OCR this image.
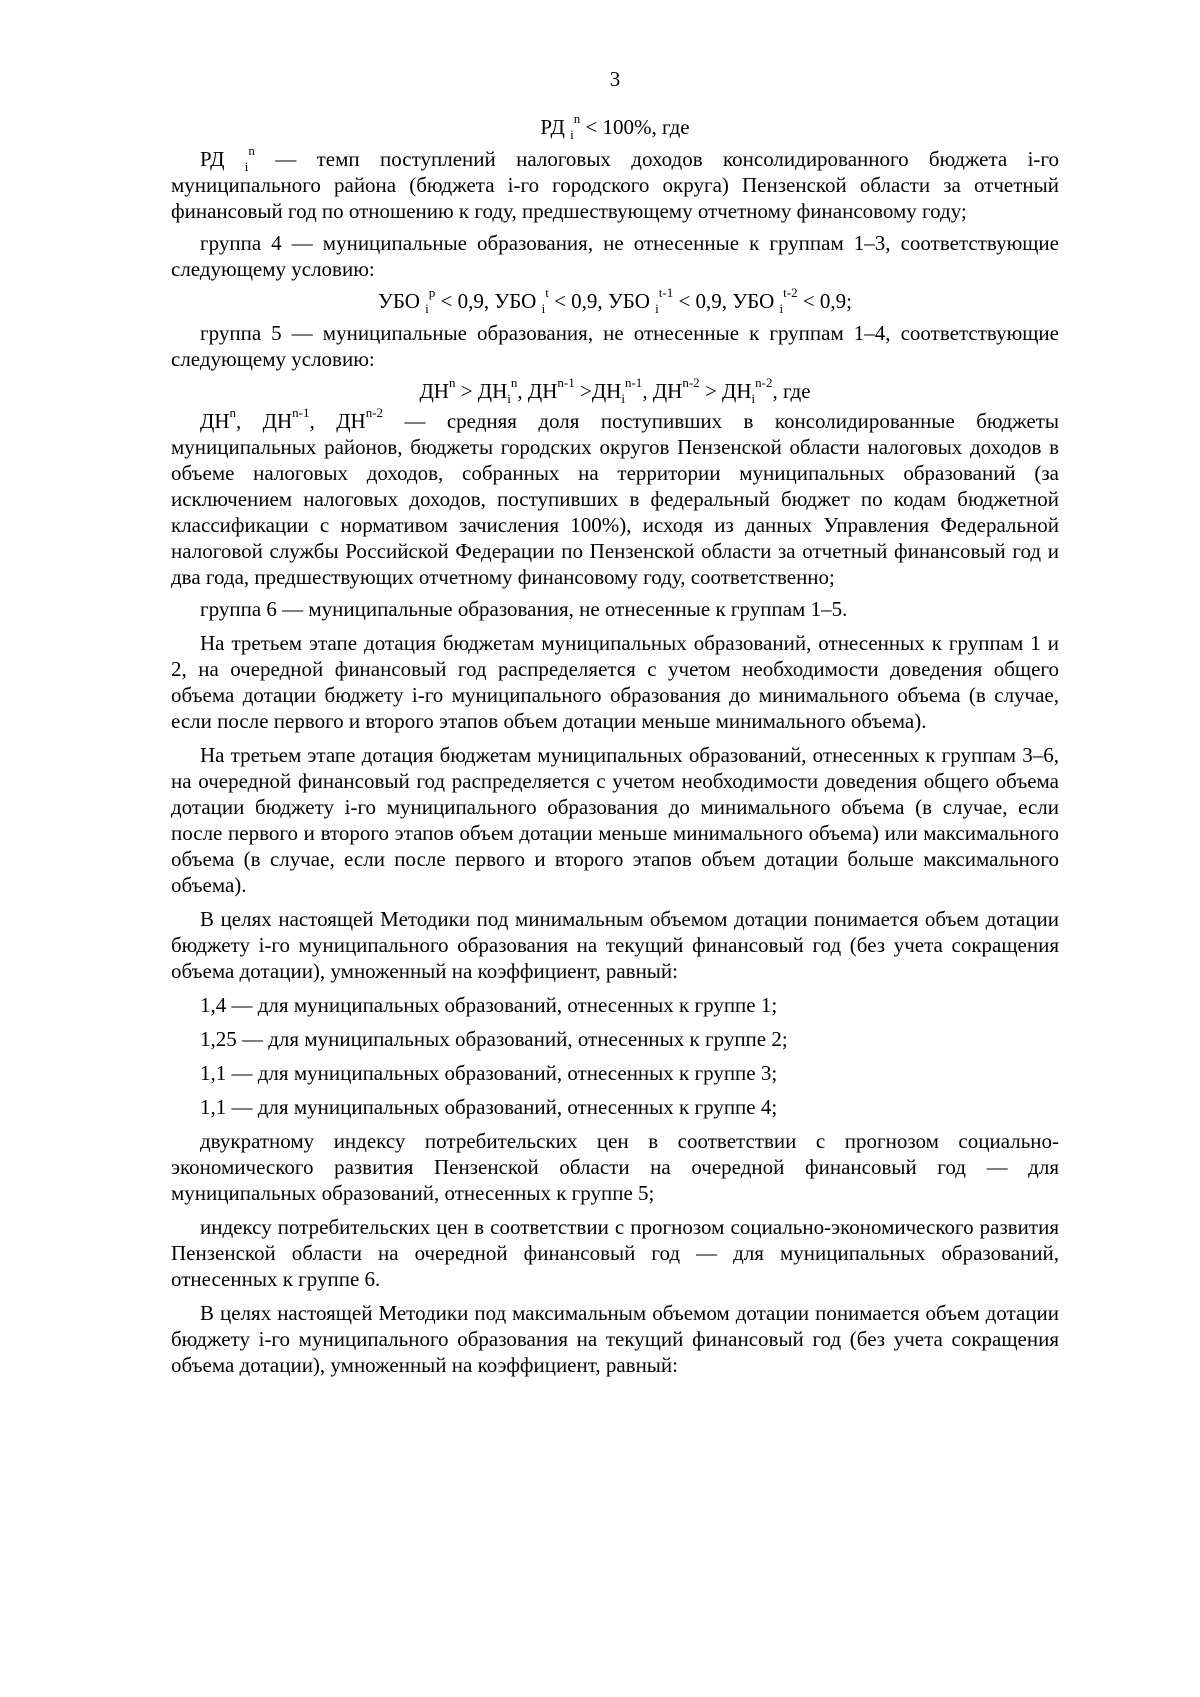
3
РД $_i^n$ < 100%, где

РД $_i^n$ — темп поступлений налоговых доходов консолидированного бюджета i-го муниципального района (бюджета i-го городского округа) Пензенской области за отчетный финансовый год по отношению к году, предшествующему отчетному финансовому году;

группа 4 — муниципальные образования, не отнесенные к группам 1–3, соответствующие следующему условию:

УБО $_i^p$ < 0,9, УБО $_i^t$ < 0,9, УБО $_i^{t-1}$ < 0,9, УБО $_i^{t-2}$ < 0,9;

группа 5 — муниципальные образования, не отнесенные к группам 1–4, соответствующие следующему условию:

$ДН^n > ДН_i^n$, $ДН^{n-1} >ДН_i^{n-1}$, $ДН^{n-2} > ДН_i^{n-2}$, где

$ДН^n$, ДН$^{n-1}$, ДН$^{n-2}$ — средняя доля поступивших в консолидированные бюджеты муниципальных районов, бюджеты городских округов Пензенской области налоговых доходов в объеме налоговых доходов, собранных на территории муниципальных образований (за исключением налоговых доходов, поступивших в федеральный бюджет по кодам бюджетной классификации с нормативом зачисления 100%), исходя из данных Управления Федеральной налоговой службы Российской Федерации по Пензенской области за отчетный финансовый год и два года, предшествующих отчетному финансовому году, соответственно;

группа 6 — муниципальные образования, не отнесенные к группам 1–5.

На третьем этапе дотация бюджетам муниципальных образований, отнесенных к группам 1 и 2, на очередной финансовый год распределяется с учетом необходимости доведения общего объема дотации бюджету i-го муниципального образования до минимального объема (в случае, если после первого и второго этапов объем дотации меньше минимального объема).

На третьем этапе дотация бюджетам муниципальных образований, отнесенных к группам 3–6, на очередной финансовый год распределяется с учетом необходимости доведения общего объема дотации бюджету i-го муниципального образования до минимального объема (в случае, если после первого и второго этапов объем дотации меньше минимального объема) или максимального объема (в случае, если после первого и второго этапов объем дотации больше максимального объема).

В целях настоящей Методики под минимальным объемом дотации понимается объем дотации бюджету i-го муниципального образования на текущий финансовый год (без учета сокращения объема дотации), умноженный на коэффициент, равный:

1,4 — для муниципальных образований, отнесенных к группе 1;

1,25 — для муниципальных образований, отнесенных к группе 2;

1,1 — для муниципальных образований, отнесенных к группе 3;

1,1 — для муниципальных образований, отнесенных к группе 4;

двукратному индексу потребительских цен в соответствии с прогнозом социально-экономического развития Пензенской области на очередной финансовый год — для муниципальных образований, отнесенных к группе 5;

индексу потребительских цен в соответствии с прогнозом социально-экономического развития Пензенской области на очередной финансовый год — для муниципальных образований, отнесенных к группе 6.

В целях настоящей Методики под максимальным объемом дотации понимается объем дотации бюджету i-го муниципального образования на текущий финансовый год (без учета сокращения объема дотации), умноженный на коэффициент, равный:
